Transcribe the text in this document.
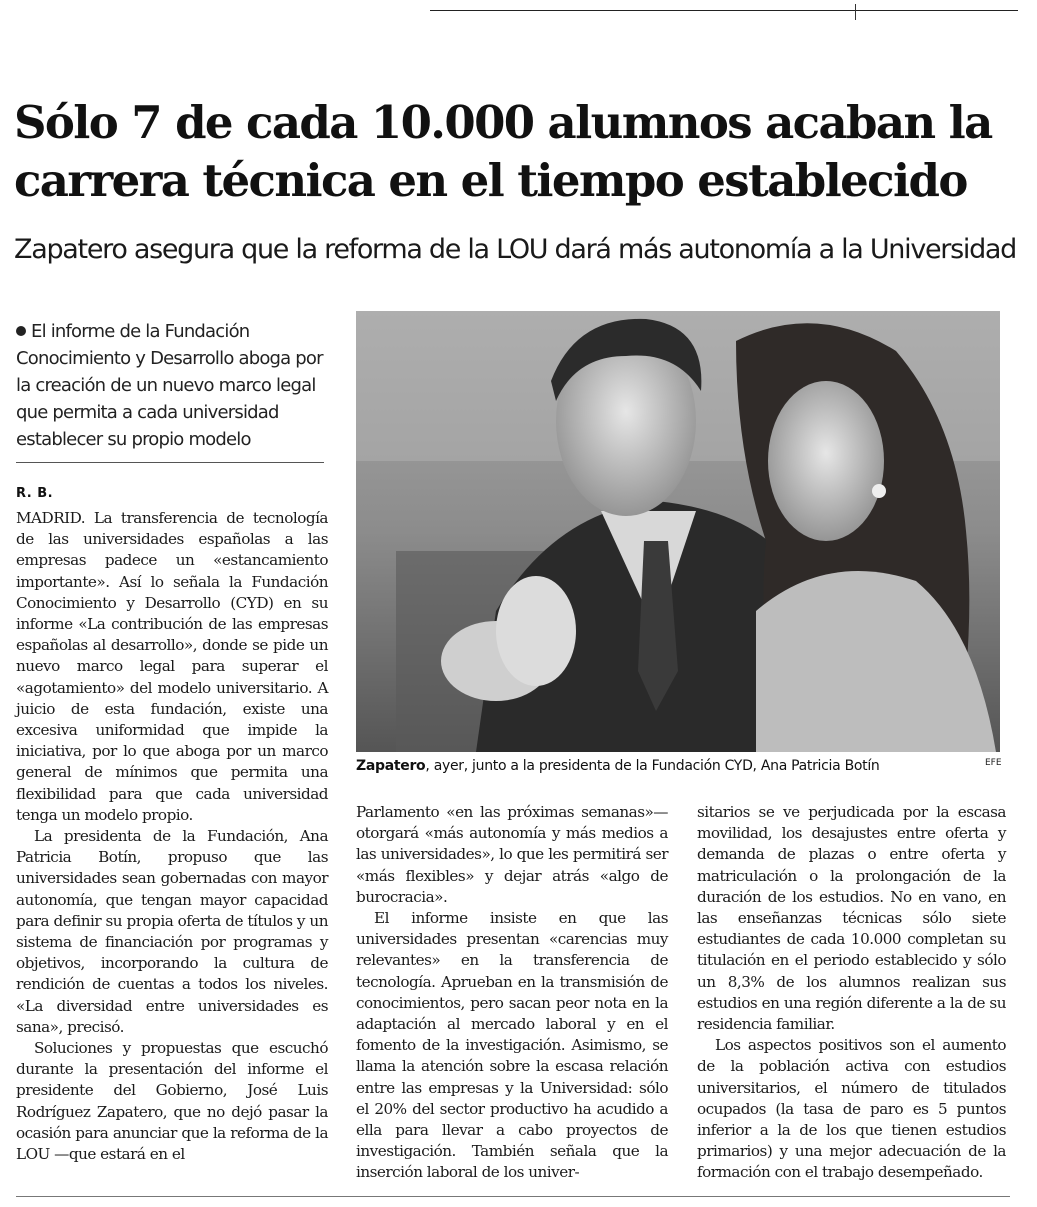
Sólo 7 de cada 10.000 alumnos acaban la carrera técnica en el tiempo establecido
Zapatero asegura que la reforma de la LOU dará más autonomía a la Universidad
El informe de la Fundación Conocimiento y Desarrollo aboga por la creación de un nuevo marco legal que permita a cada universidad establecer su propio modelo
R. B.
Zapatero, ayer, junto a la presidenta de la Fundación CYD, Ana Patricia Botín	EFE

MADRID. La transferencia de tecnología de las universidades españolas a las empresas padece un «estancamiento importante». Así lo señala la Fundación Conocimiento y Desarrollo (CYD) en su informe «La contribución de las empresas españolas al desarrollo», donde se pide un nuevo marco legal para superar el «agotamiento» del modelo universitario. A juicio de esta fundación, existe una excesiva uniformidad que impide la iniciativa, por lo que aboga por un marco general de mínimos que permita una flexibilidad para que cada universidad tenga un modelo propio.

La presidenta de la Fundación, Ana Patricia Botín, propuso que las universidades sean gobernadas con mayor autonomía, que tengan mayor capacidad para definir su propia oferta de títulos y un sistema de financiación por programas y objetivos, incorporando la cultura de rendición de cuentas a todos los niveles. «La diversidad entre universidades es sana», precisó.

Soluciones y propuestas que escuchó durante la presentación del informe el presidente del Gobierno, José Luis Rodríguez Zapatero, que no dejó pasar la ocasión para anunciar que la reforma de la LOU —que estará en el

Parlamento «en las próximas semanas»— otorgará «más autonomía y más medios a las universidades», lo que les permitirá ser «más flexibles» y dejar atrás «algo de burocracia».

El informe insiste en que las universidades presentan «carencias muy relevantes» en la transferencia de tecnología. Aprueban en la transmisión de conocimientos, pero sacan peor nota en la adaptación al mercado laboral y en el fomento de la investigación. Asimismo, se llama la atención sobre la escasa relación entre las empresas y la Universidad: sólo el 20% del sector productivo ha acudido a ella para llevar a cabo proyectos de investigación. También señala que la inserción laboral de los univer-

sitarios se ve perjudicada por la escasa movilidad, los desajustes entre oferta y demanda de plazas o entre oferta y matriculación o la prolongación de la duración de los estudios. No en vano, en las enseñanzas técnicas sólo siete estudiantes de cada 10.000 completan su titulación en el periodo establecido y sólo un 8,3% de los alumnos realizan sus estudios en una región diferente a la de su residencia familiar.

Los aspectos positivos son el aumento de la población activa con estudios universitarios, el número de titulados ocupados (la tasa de paro es 5 puntos inferior a la de los que tienen estudios primarios) y una mejor adecuación de la formación con el trabajo desempeñado.
